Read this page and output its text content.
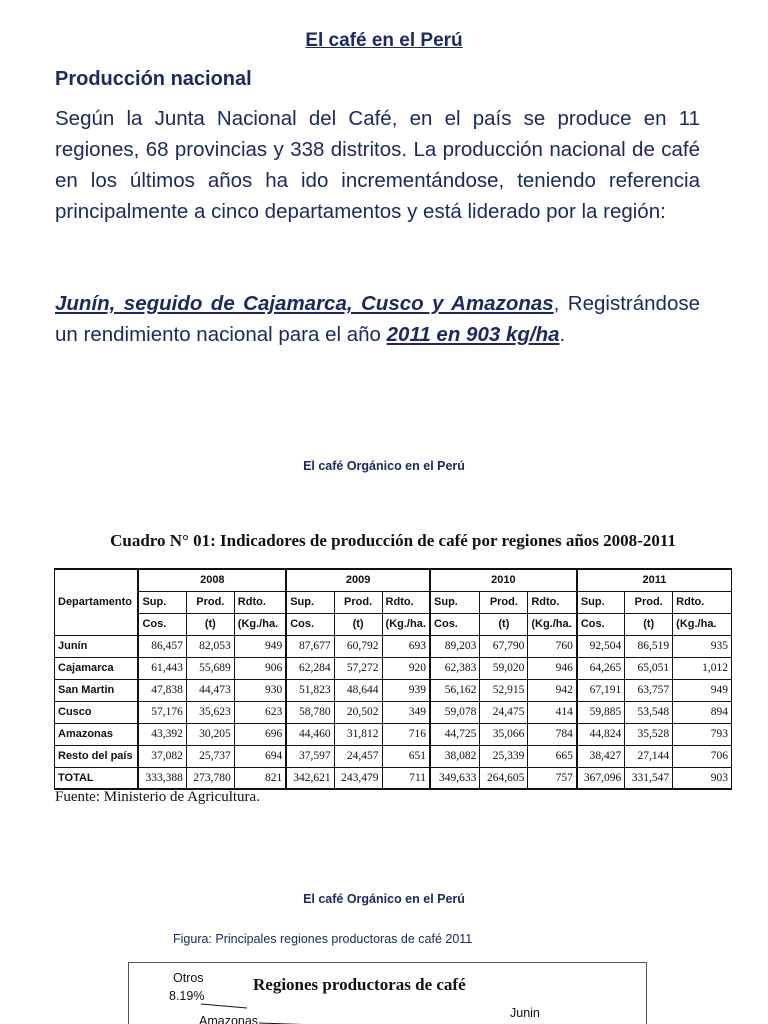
El café en el Perú
Producción nacional

Según la Junta Nacional del Café, en el país se produce en 11 regiones, 68 provincias y 338 distritos. La producción nacional de café en los últimos años ha ido incrementándose, teniendo referencia principalmente a cinco departamentos y está liderado por la región:

Junín, seguido de Cajamarca, Cusco y Amazonas, Registrándose un rendimiento nacional para el año 2011 en 903 kg/ha.

El café Orgánico en el Perú
Cuadro N° 01: Indicadores de producción de café por regiones años 2008-2011
Departamento	2008			2009			2010			2011		
	Sup.	Prod.	Rdto.	Sup.	Prod.	Rdto.	Sup.	Prod.	Rdto.	Sup.	Prod.	Rdto.
	Cos.	(t)	(Kg./ha.	Cos.	(t)	(Kg./ha.	Cos.	(t)	(Kg./ha.	Cos.	(t)	(Kg./ha.
Junín	86,457	82,053	949	87,677	60,792	693	89,203	67,790	760	92,504	86,519	935
Cajamarca	61,443	55,689	906	62,284	57,272	920	62,383	59,020	946	64,265	65,051	1,012
San Martin	47,838	44,473	930	51,823	48,644	939	56,162	52,915	942	67,191	63,757	949
Cusco	57,176	35,623	623	58,780	20,502	349	59,078	24,475	414	59,885	53,548	894
Amazonas	43,392	30,205	696	44,460	31,812	716	44,725	35,066	784	44,824	35,528	793
Resto del país	37,082	25,737	694	37,597	24,457	651	38,082	25,339	665	38,427	27,144	706
TOTAL	333,388	273,780	821	342,621	243,479	711	349,633	264,605	757	367,096	331,547	903
Fuente: Ministerio de Agricultura.
El café Orgánico en el Perú
Figura: Principales regiones productoras de café 2011
Otros	Regiones productoras de café
8.19%
Junin
Amazonas
